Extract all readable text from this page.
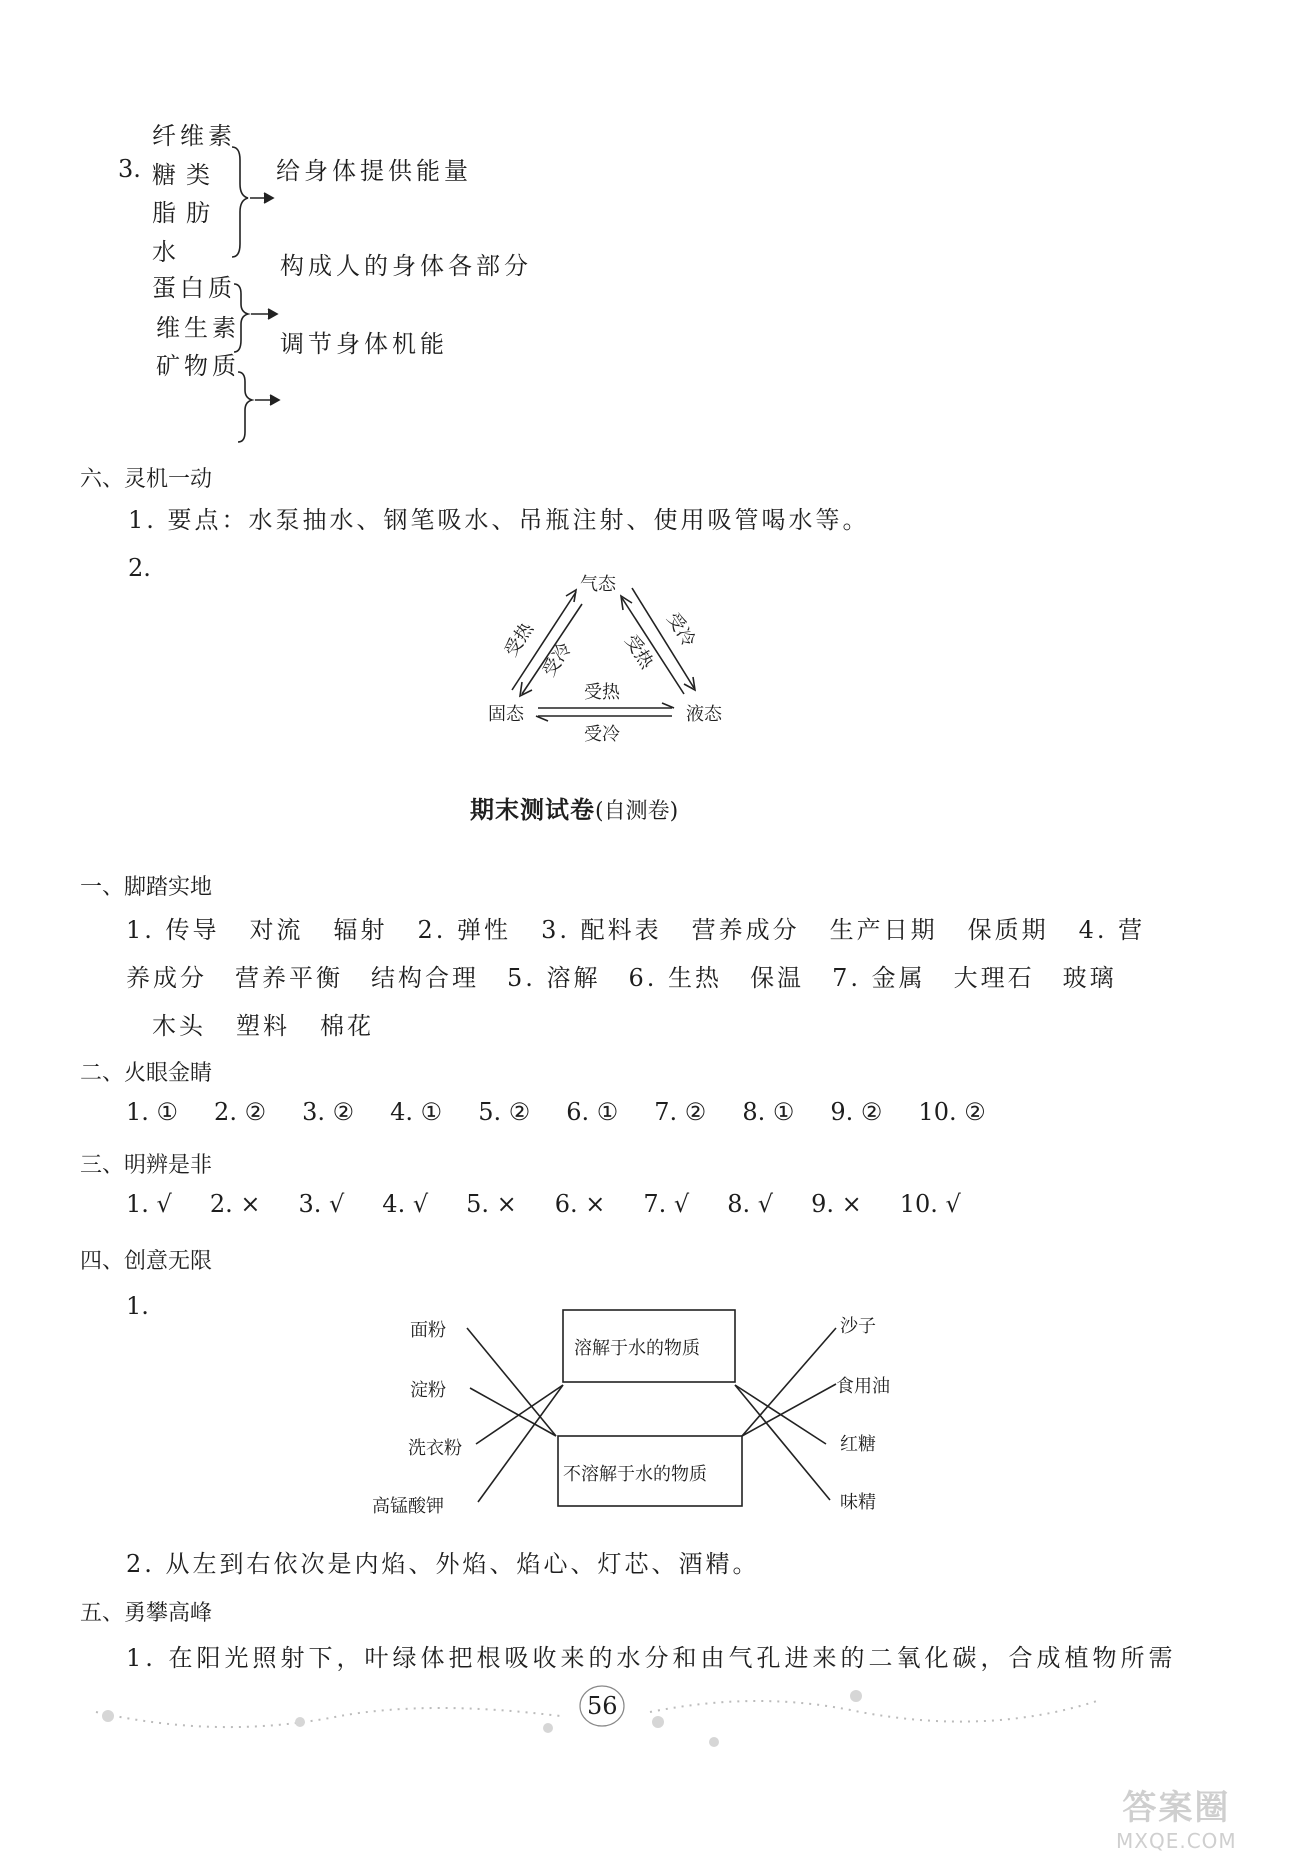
3.
纤维素
糖类
脂肪
给身体提供能量
水
蛋白质
构成人的身体各部分
维生素
矿物质
调节身体机能
六、灵机一动
1. 要点：水泵抽水、钢笔吸水、吊瓶注射、使用吸管喝水等。
2.
气态
固态	液态
受热 受冷
受冷
受热
受热
受冷
期末测试卷(自测卷)
一、脚踏实地
1. 传导 对流 辐射 2. 弹性 3. 配料表 营养成分 生产日期 保质期 4. 营
养成分 营养平衡 结构合理 5. 溶解 6. 生热 保温 7. 金属 大理石 玻璃
木头 塑料 棉花
二、火眼金睛
1. ① 2. ② 3. ② 4. ① 5. ② 6. ① 7. ② 8. ① 9. ② 10. ②
三、明辨是非
1. √ 2. × 3. √ 4. √ 5. × 6. × 7. √ 8. √ 9. × 10. √
四、创意无限
1.
面粉
淀粉
洗衣粉
高锰酸钾
溶解于水的物质
不溶解于水的物质
沙子
食用油
红糖
味精
2. 从左到右依次是内焰、外焰、焰心、灯芯、酒精。
五、勇攀高峰
1. 在阳光照射下，叶绿体把根吸收来的水分和由气孔进来的二氧化碳，合成植物所需
56
答案圈
MXQE.COM
